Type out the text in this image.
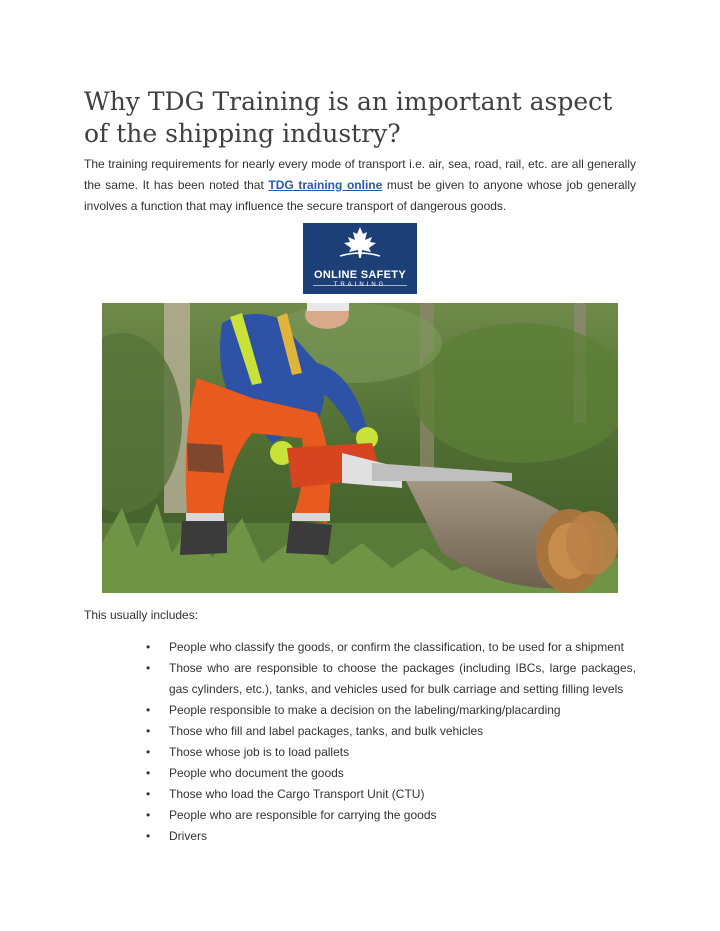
Why TDG Training is an important aspect of the shipping industry?

The training requirements for nearly every mode of transport i.e. air, sea, road, rail, etc. are all generally the same. It has been noted that TDG training online must be given to anyone whose job generally involves a function that may influence the secure transport of dangerous goods.

ONLINE SAFETY
TRAINING

This usually includes:

• People who classify the goods, or confirm the classification, to be used for a shipment
• Those who are responsible to choose the packages (including IBCs, large packages, gas cylinders, etc.), tanks, and vehicles used for bulk carriage and setting filling levels
• People responsible to make a decision on the labeling/marking/placarding
• Those who fill and label packages, tanks, and bulk vehicles
• Those whose job is to load pallets
• People who document the goods
• Those who load the Cargo Transport Unit (CTU)
• People who are responsible for carrying the goods
• Drivers
